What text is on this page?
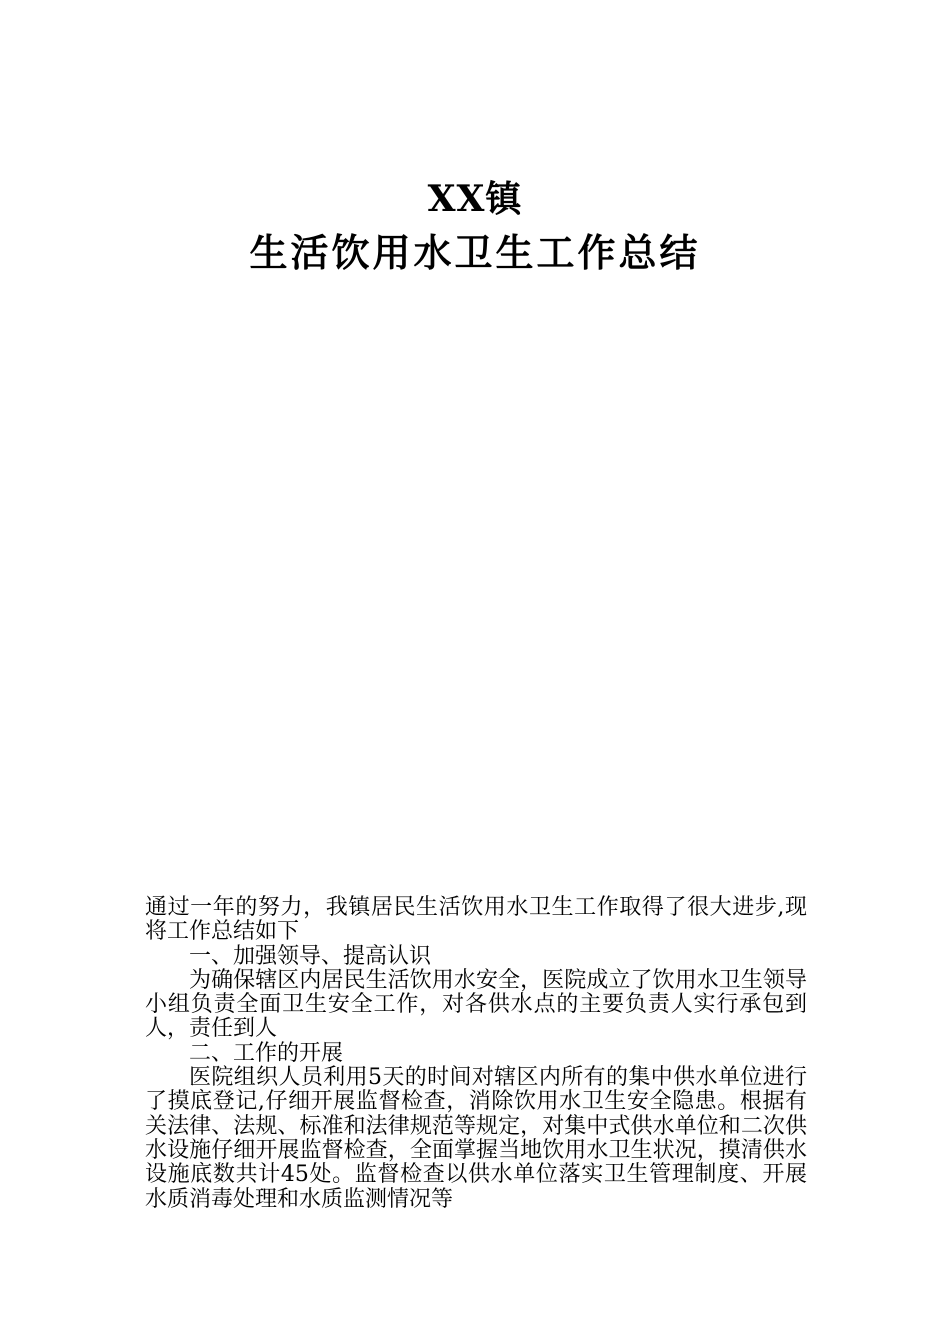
XX镇
生活饮用水卫生工作总结

通过一年的努力，我镇居民生活饮用水卫生工作取得了很大进步,现将工作总结如下

一、加强领导、提高认识

为确保辖区内居民生活饮用水安全，医院成立了饮用水卫生领导小组负责全面卫生安全工作，对各供水点的主要负责人实行承包到人，责任到人

二、工作的开展

医院组织人员利用5天的时间对辖区内所有的集中供水单位进行了摸底登记,仔细开展监督检查，消除饮用水卫生安全隐患。根据有关法律、法规、标准和法律规范等规定，对集中式供水单位和二次供水设施仔细开展监督检查，全面掌握当地饮用水卫生状况，摸清供水设施底数共计45处。监督检查以供水单位落实卫生管理制度、开展水质消毒处理和水质监测情况等
